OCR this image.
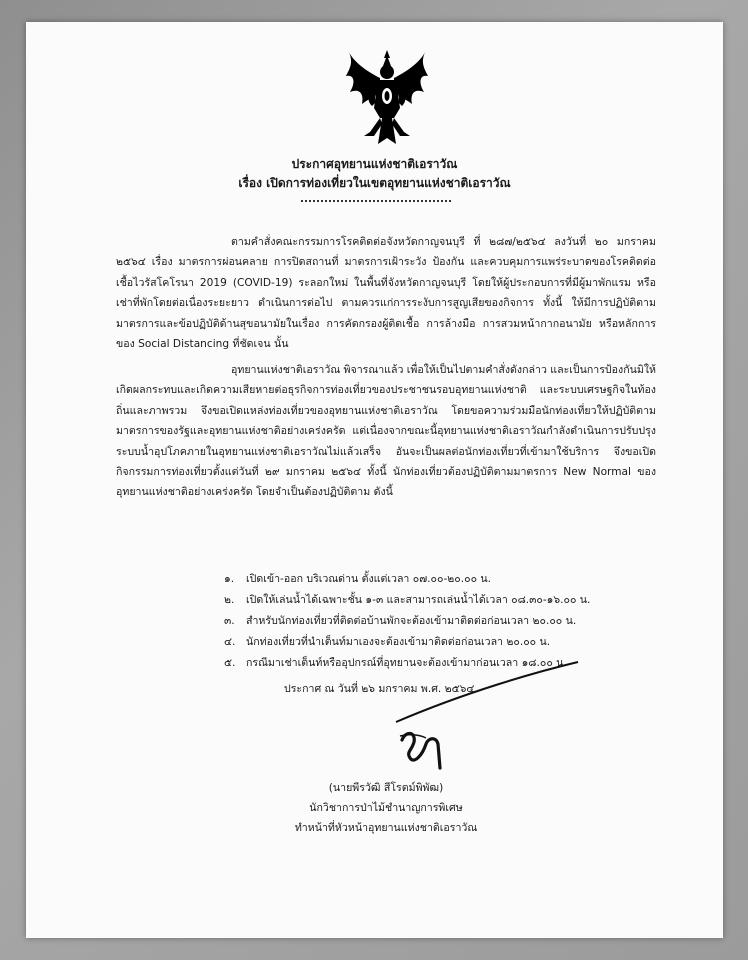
ประกาศอุทยานแห่งชาติเอราวัณ
เรื่อง เปิดการท่องเที่ยวในเขตอุทยานแห่งชาติเอราวัณ

ตามคำสั่งคณะกรรมการโรคติดต่อจังหวัดกาญจนบุรี ที่ ๒๘๗/๒๕๖๔ ลงวันที่ ๒๐ มกราคม ๒๕๖๔ เรื่อง มาตรการผ่อนคลาย การปิดสถานที่ มาตรการเฝ้าระวัง ป้องกัน และควบคุมการแพร่ระบาดของโรคติดต่อเชื้อไวรัสโคโรนา 2019 (COVID-19) ระลอกใหม่ ในพื้นที่จังหวัดกาญจนบุรี โดยให้ผู้ประกอบการที่มีผู้มาพักแรม หรือเช่าที่พักโดยต่อเนื่องระยะยาว ดำเนินการต่อไป ตามควรแก่การระงับการสูญเสียของกิจการ ทั้งนี้ ให้มีการปฏิบัติตามมาตรการและข้อปฏิบัติด้านสุขอนามัยในเรื่อง การคัดกรองผู้ติดเชื้อ การล้างมือ การสวมหน้ากากอนามัย หรือหลักการของ Social Distancing ที่ชัดเจน นั้น

อุทยานแห่งชาติเอราวัณ พิจารณาแล้ว เพื่อให้เป็นไปตามคำสั่งดังกล่าว และเป็นการป้องกันมิให้เกิดผลกระทบและเกิดความเสียหายต่อธุรกิจการท่องเที่ยวของประชาชนรอบอุทยานแห่งชาติ และระบบเศรษฐกิจในท้องถิ่นและภาพรวม จึงขอเปิดแหล่งท่องเที่ยวของอุทยานแห่งชาติเอราวัณ โดยขอความร่วมมือนักท่องเที่ยวให้ปฏิบัติตามมาตรการของรัฐและอุทยานแห่งชาติอย่างเคร่งครัด แต่เนื่องจากขณะนี้อุทยานแห่งชาติเอราวัณกำลังดำเนินการปรับปรุงระบบน้ำอุปโภคภายในอุทยานแห่งชาติเอราวัณไม่แล้วเสร็จ อันจะเป็นผลต่อนักท่องเที่ยวที่เข้ามาใช้บริการ จึงขอเปิดกิจกรรมการท่องเที่ยวตั้งแต่วันที่ ๒๙ มกราคม ๒๕๖๔ ทั้งนี้ นักท่องเที่ยวต้องปฏิบัติตามมาตรการ New Normal ของอุทยานแห่งชาติอย่างเคร่งครัด โดยจำเป็นต้องปฏิบัติตาม ดังนี้

๑. เปิดเข้า-ออก บริเวณด่าน ตั้งแต่เวลา ๐๗.๐๐-๒๐.๐๐ น.
๒. เปิดให้เล่นน้ำได้เฉพาะชั้น ๑-๓ และสามารถเล่นน้ำได้เวลา ๐๘.๓๐-๑๖.๐๐ น.
๓. สำหรับนักท่องเที่ยวที่ติดต่อบ้านพักจะต้องเข้ามาติดต่อก่อนเวลา ๒๐.๐๐ น.
๔. นักท่องเที่ยวที่นำเต็นท์มาเองจะต้องเข้ามาติดต่อก่อนเวลา ๒๐.๐๐ น.
๕. กรณีมาเช่าเต็นท์หรืออุปกรณ์ที่อุทยานจะต้องเข้ามาก่อนเวลา ๑๘.๐๐ น.
ประกาศ ณ วันที่ ๒๖ มกราคม พ.ศ. ๒๕๖๔
(นายพีรวัฒิ สีโรตม์พิพัฒ)
นักวิชาการป่าไม้ชำนาญการพิเศษ
ทำหน้าที่หัวหน้าอุทยานแห่งชาติเอราวัณ
